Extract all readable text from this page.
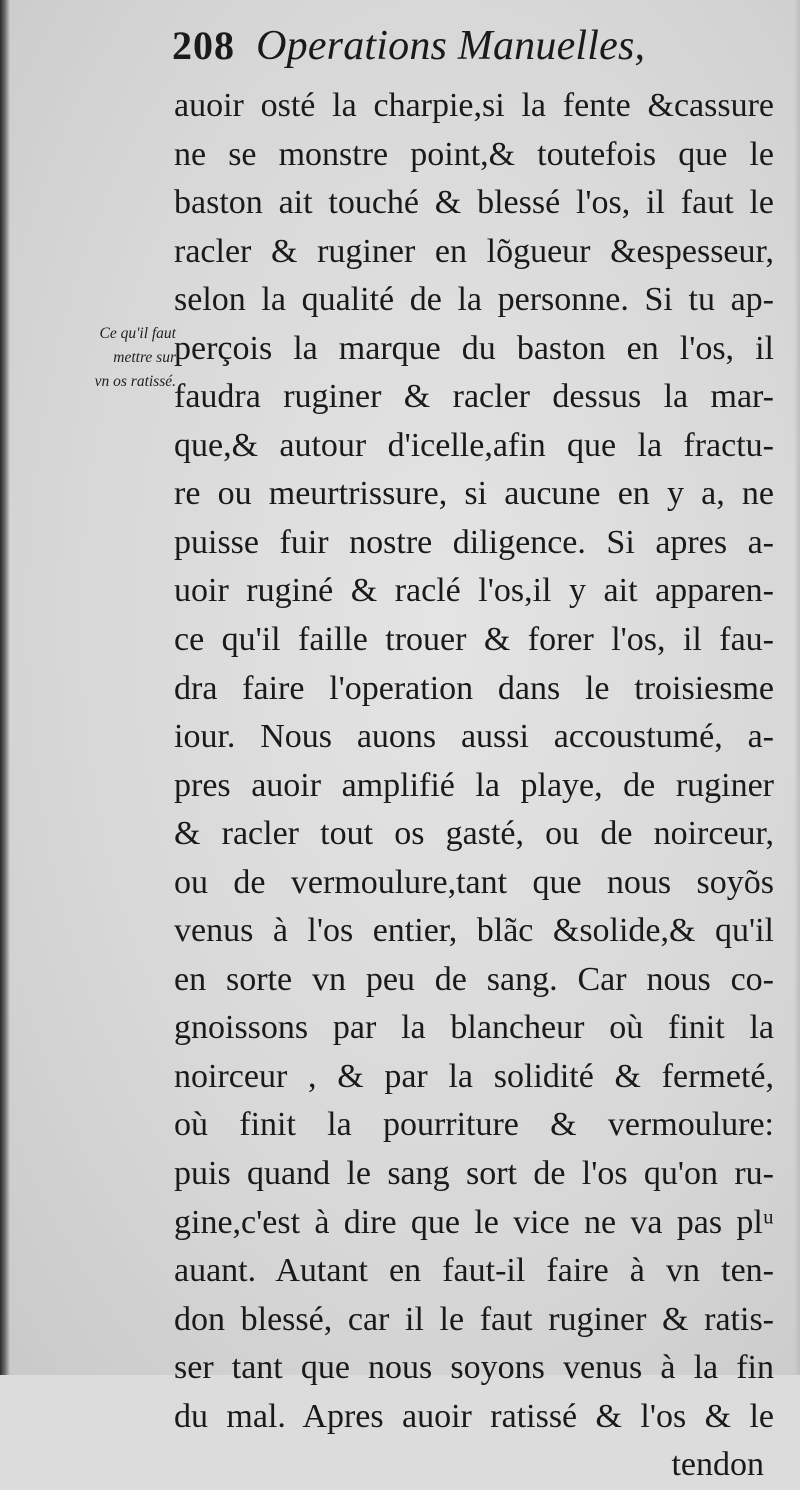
208 Operations Manuelles,
Ce qu'il faut
mettre sur
vn os ratissé.
auoir osté la charpie,si la fente &cassure
ne se monstre point,& toutefois que le
baston ait touché & blessé l'os, il faut le
racler & ruginer en lõgueur &espesseur,
selon la qualité de la personne. Si tu ap-
perçois la marque du baston en l'os, il
faudra ruginer & racler dessus la mar-
que,& autour d'icelle,afin que la fractu-
re ou meurtrissure, si aucune en y a, ne
puisse fuir nostre diligence. Si apres a-
uoir ruginé & raclé l'os,il y ait apparen-
ce qu'il faille trouer & forer l'os, il fau-
dra faire l'operation dans le troisiesme
iour. Nous auons aussi accoustumé, a-
pres auoir amplifié la playe, de ruginer
& racler tout os gasté, ou de noirceur,
ou de vermoulure,tant que nous soyõs
venus à l'os entier, blãc &solide,& qu'il
en sorte vn peu de sang. Car nous co-
gnoissons par la blancheur où finit la
noirceur , & par la solidité & fermeté,
où finit la pourriture & vermoulure:
puis quand le sang sort de l'os qu'on ru-
gine,c'est à dire que le vice ne va pas plᵘ
auant. Autant en faut-il faire à vn ten-
don blessé, car il le faut ruginer & ratis-
ser tant que nous soyons venus à la fin
du mal. Apres auoir ratissé & l'os & le
tendon
